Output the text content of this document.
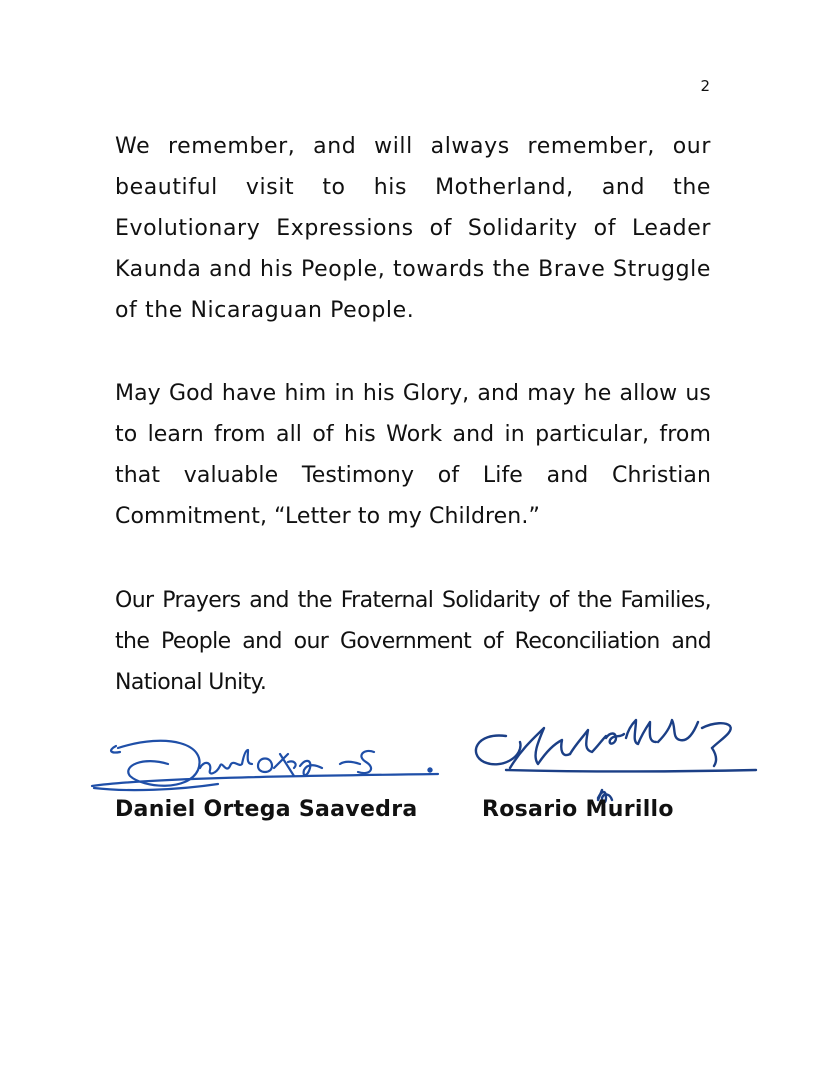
2

We remember, and will always remember, our beautiful visit to his Motherland, and the Evolutionary Expressions of Solidarity of Leader Kaunda and his People, towards the Brave Struggle of the Nicaraguan People.

May God have him in his Glory, and may he allow us to learn from all of his Work and in particular, from that valuable Testimony of Life and Christian Commitment, “Letter to my Children.”

Our Prayers and the Fraternal Solidarity of the Families, the People and our Government of Reconciliation and National Unity.

Daniel Ortega Saavedra	Rosario Murillo
